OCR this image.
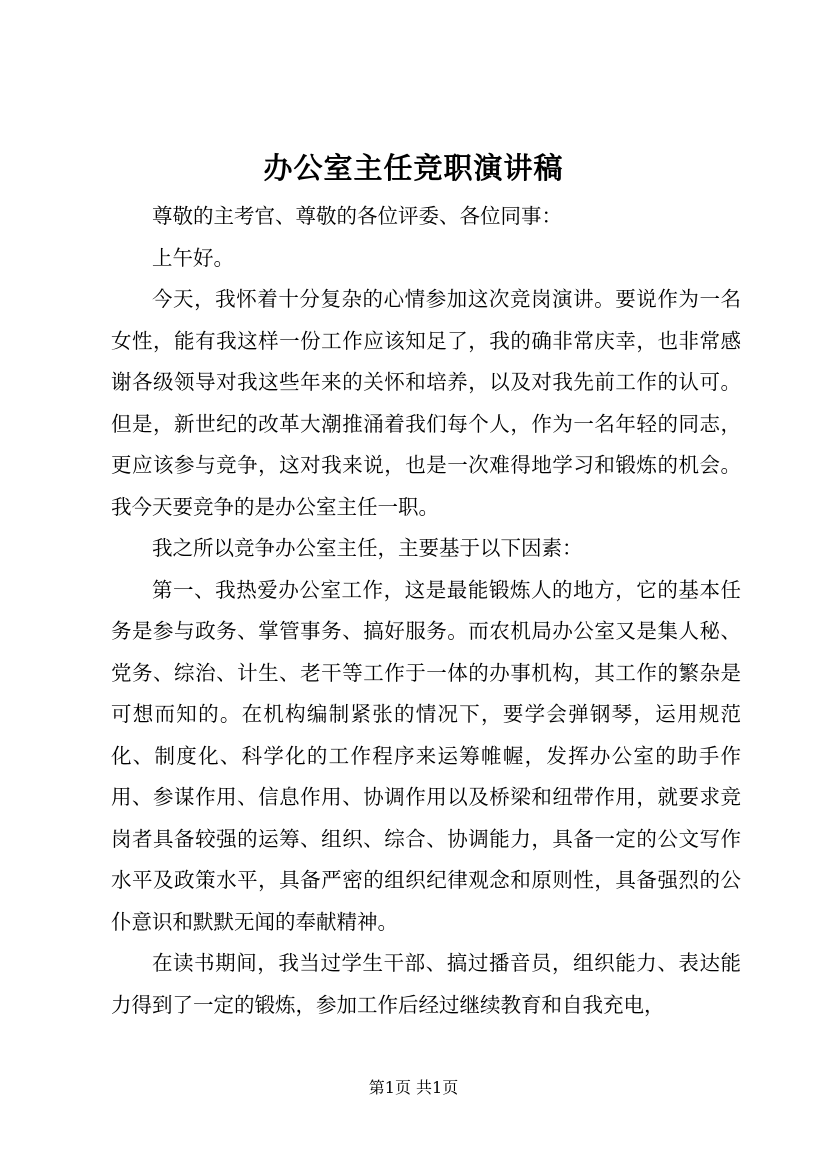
办公室主任竞职演讲稿

尊敬的主考官、尊敬的各位评委、各位同事：

上午好。

今天，我怀着十分复杂的心情参加这次竞岗演讲。要说作为一名女性，能有我这样一份工作应该知足了，我的确非常庆幸，也非常感谢各级领导对我这些年来的关怀和培养，以及对我先前工作的认可。但是，新世纪的改革大潮推涌着我们每个人，作为一名年轻的同志，更应该参与竞争，这对我来说，也是一次难得地学习和锻炼的机会。我今天要竞争的是办公室主任一职。

我之所以竞争办公室主任，主要基于以下因素：

第一、我热爱办公室工作，这是最能锻炼人的地方，它的基本任务是参与政务、掌管事务、搞好服务。而农机局办公室又是集人秘、党务、综治、计生、老干等工作于一体的办事机构，其工作的繁杂是可想而知的。在机构编制紧张的情况下，要学会弹钢琴，运用规范化、制度化、科学化的工作程序来运筹帷幄，发挥办公室的助手作用、参谋作用、信息作用、协调作用以及桥梁和纽带作用，就要求竞岗者具备较强的运筹、组织、综合、协调能力，具备一定的公文写作水平及政策水平，具备严密的组织纪律观念和原则性，具备强烈的公仆意识和默默无闻的奉献精神。

在读书期间，我当过学生干部、搞过播音员，组织能力、表达能力得到了一定的锻炼，参加工作后经过继续教育和自我充电，

第1页 共1页
